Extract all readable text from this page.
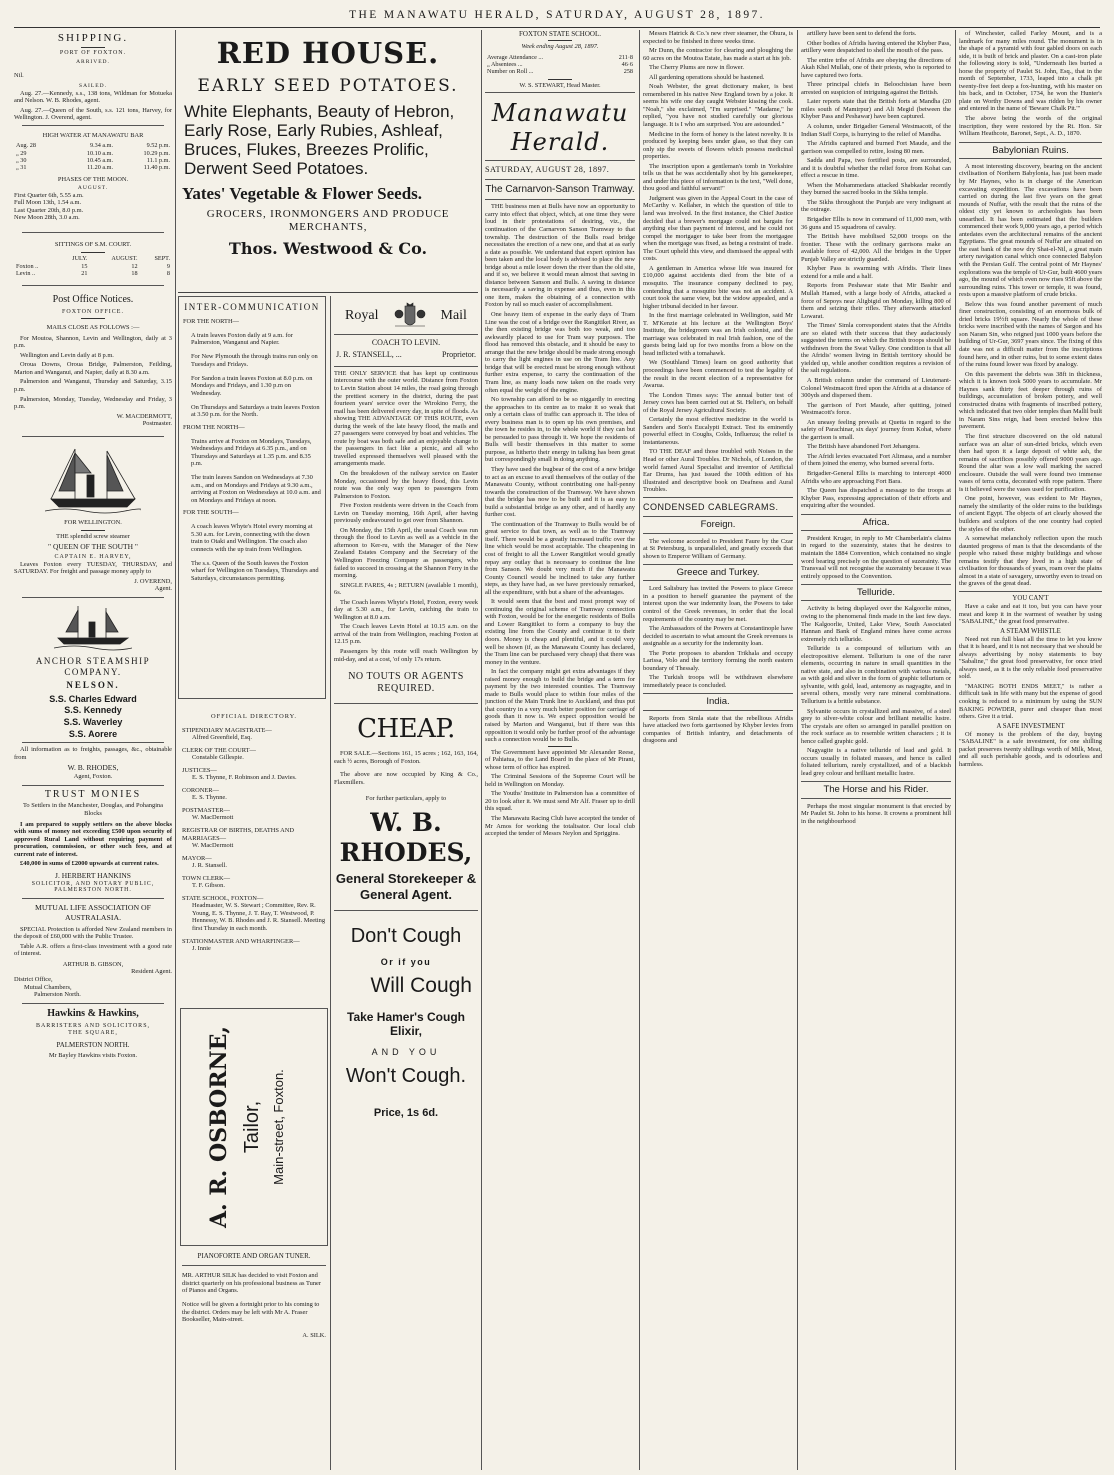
THE MANAWATU HERALD, SATURDAY, AUGUST 28, 1897.
SHIPPING.
PORT OF FOXTON.
ARRIVED.
Nil.
SAILED.

Aug. 27.—Kennedy, s.s., 138 tons, Wildman for Motueka and Nelson. W. B. Rhodes, agent.

Aug. 27.—Queen of the South, s.s. 121 tons, Harvey, for Wellington. J. Overend, agent.

HIGH WATER AT MANAWATU BAR
Aug. 28	9.34 a.m.	9.52 p.m.
„ 29	10.10 a.m.	10.29 p.m.
„ 30	10.45 a.m.	11.1 p.m.
„ 31	11.20 a.m.	11.40 p.m.
PHASES OF THE MOON.
AUGUST.
First Quarter 6th, 5.55 a.m.
Full Moon 13th, 1.54 a.m.
Last Quarter 20th, 8.0 p.m.
New Moon 28th, 3.0 a.m.
SITTINGS OF S.M. COURT.
	JULY.	AUGUST.	SEPT.
Foxton ..	15	12	9
Levin ..	21	18	8
Post Office Notices.
FOXTON OFFICE.
MAILS CLOSE AS FOLLOWS :—

For Moutoa, Shannon, Levin and Wellington, daily at 3 p.m.

Wellington and Levin daily at 8 p.m.

Oroua Downs, Oroua Bridge, Palmerston, Feilding, Marton and Wanganui, and Napier, daily at 8.30 a.m.

Palmerston and Wanganui, Thursday and Saturday, 3.15 p.m.

Palmerston, Monday, Tuesday, Wednesday and Friday, 3 p.m.

W. MACDERMOTT,
Postmaster.
FOR WELLINGTON.
THE splendid screw steamer
" QUEEN OF THE SOUTH "
CAPTAIN E. HARVEY,

Leaves Foxton every TUESDAY, THURSDAY, and SATURDAY. For freight and passage money apply to

J. OVEREND,
Agent.
ANCHOR STEAMSHIP COMPANY.
NELSON.
S.S. Charles Edward
S.S. Kennedy
S.S. Waverley
S.S. Aorere

All information as to freights, passages, &c., obtainable from

W. B. RHODES,
Agent, Foxton.
TRUST MONIES
To Settlers in the Manchester, Douglas, and Pohangina Blocks

I am prepared to supply settlers on the above blocks with sums of money not exceeding £500 upon security of approved Rural Land without requiring payment of procuration, commission, or other such fees, and at current rate of interest.

£40,000 in sums of £2000 upwards at current rates.

J. HERBERT HANKINS
SOLICITOR, AND NOTARY PUBLIC,
PALMERSTON NORTH.
MUTUAL LIFE ASSOCIATION OF AUSTRALASIA.

SPECIAL Protection is afforded New Zealand members in the deposit of £60,000 with the Public Trustee.

Table A.R. offers a first-class investment with a good rate of interest.

ARTHUR B. GIBSON,
Resident Agent.
District Office,
Mutual Chambers,
Palmerston North.
Hawkins & Hawkins,
BARRISTERS AND SOLICITORS,
THE SQUARE,
PALMERSTON NORTH.
Mr Bayley Hawkins visits Foxton.
RED HOUSE.
EARLY SEED POTATOES.
White Elephants, Beauty of Hebron, Early Rose, Early Rubies, Ashleaf, Bruces, Flukes, Breezes Prolific, Derwent Seed Potatoes.
Yates' Vegetable & Flower Seeds.
GROCERS, IRONMONGERS AND PRODUCE MERCHANTS,
Thos. Westwood & Co.
INTER-COMMUNICATION
FOR THE NORTH—

A train leaves Foxton daily at 9 a.m. for Palmerston, Wanganui and Napier.

For New Plymouth the through trains run only on Tuesdays and Fridays.

For Sandon a train leaves Foxton at 8.0 p.m. on Mondays and Fridays, and 1.30 p.m on Wednesday.

On Thursdays and Saturdays a train leaves Foxton at 3.50 p.m. for the North.

FROM THE NORTH—

Trains arrive at Foxton on Mondays, Tuesdays, Wednesdays and Fridays at 6.35 p.m., and on Thursdays and Saturdays at 1.35 p.m. and 8.35 p.m.

The train leaves Sandon on Wednesdays at 7.30 a.m., and on Mondays and Fridays at 9.30 a.m., arriving at Foxton on Wednesdays at 10.0 a.m. and on Mondays and Fridays at noon.

FOR THE SOUTH—

A coach leaves Whyte's Hotel every morning at 5.30 a.m. for Levin, connecting with the down train to Otaki and Wellington. The coach also connects with the up train from Wellington.

The s.s. Queen of the South leaves the Foxton wharf for Wellington on Tuesdays, Thursdays and Saturdays, circumstances permitting.

OFFICIAL DIRECTORY.
STIPENDIARY MAGISTRATE—
Alfred Greenfield, Esq.
CLERK OF THE COURT—
Constable Gillespie.
JUSTICES—
E. S. Thynne, F. Robinson and J. Davies.
CORONER—
E. S. Thynne.
POSTMASTER—
W. MacDermott
REGISTRAR OF BIRTHS, DEATHS AND MARRIAGES—
W. MacDermott
MAYOR—
J. R. Stansell.
TOWN CLERK—
T. F. Gibson.
STATE SCHOOL, FOXTON—
Headmaster, W. S. Stewart ; Committee, Rev. R. Young, E. S. Thynne, J. T. Ray, T. Westwood, P. Hennessy, W. B. Rhodes and J. R. Stansell. Meeting first Thursday in each month.
STATIONMASTER AND WHARFINGER—
J. Innie
A. R. OSBORNE, Tailor, Main-street, Foxton.
PIANOFORTE AND ORGAN TUNER.

MR. ARTHUR SILK has decided to visit Foxton and district quarterly on his professional business as Tuner of Pianos and Organs.

Notice will be given a fortnight prior to his coming to the district. Orders may be left with Mr A. Fraser Bookseller, Main-street.

A. SILK.
Royal	Mail
COACH TO LEVIN.
J. R. STANSELL, ...	Proprietor.

THE ONLY SERVICE that has kept up continuous intercourse with the outer world. Distance from Foxton to Levin Station about 14 miles, the road going through the prettiest scenery in the district, during the past fourteen years' service over the Wirokino Ferry, the mail has been delivered every day, in spite of floods. As showing THE ADVANTAGE OF THIS ROUTE, even during the week of the late heavy flood, the mails and 27 passengers were conveyed by boat and vehicles. The route by boat was both safe and an enjoyable change to the passengers in fact like a picnic, and all who travelled expressed themselves well pleased with the arrangements made.

On the breakdown of the railway service on Easter Monday, occasioned by the heavy flood, this Levin route was the only way open to passengers from Palmerston to Foxton.

Five Foxton residents were driven in the Coach from Levin on Tuesday morning, 16th April, after having previously endeavoured to get over from Shannon.

On Monday, the 15th April, the usual Coach was run through the flood to Levin as well as a vehicle in the afternoon to Ker-ru, with the Manager of the New Zealand Estates Company and the Secretary of the Wellington Freezing Company as passengers, who failed to succeed in crossing at the Shannon Ferry in the morning.

SINGLE FARES, 4s ; RETURN (available 1 month), 6s.

The Coach leaves Whyte's Hotel, Foxton, every week day at 5.30 a.m., for Levin, catching the train to Wellington at 8.0 a.m.

The Coach leaves Levin Hotel at 10.15 a.m. on the arrival of the train from Wellington, reaching Foxton at 12.15 p.m.

Passengers by this route will reach Wellington by mid-day, and at a cost, 'of only 17s return.

NO TOUTS OR AGENTS REQUIRED.
CHEAP.

FOR SALE.—Sections 161, 15 acres ; 162, 163, 164, each ½ acres, Borough of Foxton.

The above are now occupied by King & Co., Flaxmillers.

For further particulars, apply to
W. B. RHODES,
General Storekeeper & General Agent.
Don't Cough
Or if you
Will Cough
Take Hamer's Cough Elixir,
AND YOU
Won't Cough.
Price, 1s 6d.
FOXTON STATE SCHOOL.
Week ending August 28, 1897.
Average Attendance ...	211·8
„ Absentees ...	46·6
Number on Roll ...	258
W. S. STEWART, Head Master.
Manawatu Herald.
SATURDAY, AUGUST 28, 1897.
The Carnarvon-Sanson Tramway.

THE business men at Bulls have now an opportunity to carry into effect that object, which, at one time they were loud in their protestations of desiring, viz., the continuation of the Carnarvon Sanson Tramway to that township. The destruction of the Bulls road bridge necessitates the erection of a new one, and that at as early a date as possible. We understand that expert opinion has been taken and the local body is advised to place the new bridge about a mile lower down the river than the old site, and if so, we believe it would mean almost that saving in distance between Sanson and Bulls. A saving in distance is necessarily a saving in expense and thus, even in this one item, makes the obtaining of a connection with Foxton by rail so much easier of accomplishment.

One heavy item of expense in the early days of Tram Line was the cost of a bridge over the Rangitikei River, as the then existing bridge was both too weak, and too awkwardly placed to use for Tram way purposes. The flood has removed this obstacle, and it should be easy to arrange that the new bridge should be made strong enough to carry the light engines in use on the Tram line. Any bridge that will be erected must be strong enough without further extra expense, to carry the continuation of the Tram line, as many loads now taken on the roads very often equal the weight of the engine.

No township can afford to be so niggardly in erecting the approaches to its centre as to make it so weak that only a certain class of traffic can approach it. The idea of every business man is to open up his own premises, and the town he resides in, to the whole world if they can but be persuaded to pass through it. We hope the residents of Bulls will bestir themselves in this matter to some purpose, as hitherto their energy in talking has been great but correspondingly small in doing anything.

They have used the bugbear of the cost of a new bridge to act as an excuse to avail themselves of the outlay of the Manawatu County, without contributing one half-penny towards the construction of the Tramway. We have shown that the bridge has now to be built and it is as easy to build a substantial bridge as any other, and of hardly any further cost.

The continuation of the Tramway to Bulls would be of great service to that town, as well as to the Tramway itself. There would be a greatly increased traffic over the line which would be most acceptable. The cheapening in cost of freight to all the Lower Rangitikei would greatly repay any outlay that is necessary to continue the line from Sanson. We doubt very much if the Manawatu County Council would be inclined to take any further steps, as they have had, as we have previously remarked, all the expenditure, with but a share of the advantages.

It would seem that the best and most prompt way of continuing the original scheme of Tramway connection with Foxton, would be for the energetic residents of Bulls and Lower Rangitikei to form a company to buy the existing line from the County and continue it to their doors. Money is cheap and plentiful, and it could very well be shown (if, as the Manawatu County has declared, the Tram line can be purchased very cheap) that there was money in the venture.

In fact the company might get extra advantages if they raised money enough to build the bridge and a term for payment by the two interested counties. The Tramway made to Bulls would place to within four miles of the junction of the Main Trunk line to Auckland, and thus put that country in a very much better position for carriage of goods than it now is. We expect opposition would be raised by Marton and Wanganui, but if there was this opposition it would only be further proof of the advantage such a connection would be to Bulls.

The Government have appointed Mr Alexander Reese, of Pahiatua, to the Land Board in the place of Mr Pirani, whose term of office has expired.

The Criminal Sessions of the Supreme Court will be held in Wellington on Monday.

The Youths' Institute in Palmerston has a committee of 20 to look after it. We must send Mr Alf. Fraser up to drill this squad.

The Manawatu Racing Club have accepted the tender of Mr Amos for working the totalisator. Our local club accepted the tender of Messrs Neylon and Spriggins.

Messrs Hatrick & Co.'s new river steamer, the Ohura, is expected to be finished in three weeks time.

Mr Dunn, the contractor for clearing and ploughing the 60 acres on the Moutoa Estate, has made a start at his job.

The Cherry Plums are now in flower.

All gardening operations should be hastened.

Noah Webster, the great dictionary maker, is best remembered in his native New England town by a joke. It seems his wife one day caught Webster kissing the cook. "Noah," she exclaimed, "I'm surprised." "Madame," he replied, "you have not studied carefully our glorious language. It is I who am surprised. You are astounded."

Medicine in the form of honey is the latest novelty. It is produced by keeping bees under glass, so that they can only sip the sweets of flowers which possess medicinal properties.

The inscription upon a gentleman's tomb in Yorkshire tells us that he was accidentally shot by his gamekeeper, and under this piece of information is the text, "Well done, thou good and faithful servant!"

Judgment was given in the Appeal Court in the case of McCarthy v. Kellaher, in which the question of title to land was involved. In the first instance, the Chief Justice decided that a brewer's mortgage could not bargain for anything else than payment of interest, and he could not compel the mortgager to take beer from the mortgagee when the mortgage was fixed, as being a restraint of trade. The Court upheld this view, and dismissed the appeal with costs.

A gentleman in America whose life was insured for £10,000 against accidents died from the bite of a mosquito. The insurance company declined to pay, contending that a mosquito bite was not an accident. A court took the same view, but the widow appealed, and a higher tribunal decided in her favour.

In the first marriage celebrated in Wellington, said Mr T. M'Kenzie at his lecture at the Wellington Boys' Institute, the bridegroom was an Irish colonist, and the marriage was celebrated in real Irish fashion, one of the guests being laid up for two months from a blow on the head inflicted with a tomahawk.

We (Southland Times) learn on good authority that proceedings have been commenced to test the legality of the result in the recent election of a representative for Awarua.

The London Times says: The annual butter test of Jersey cows has been carried out at St. Helier's, on behalf of the Royal Jersey Agricultural Society.

Certainly the most effective medicine in the world is Sanders and Son's Eucalypti Extract. Test its eminently powerful effect in Coughs, Colds, Influenza; the relief is instantaneous.

TO THE DEAF and those troubled with Noises in the Head or other Aural Troubles. Dr Nichols, of London, the world famed Aural Specialist and inventor of Artificial Ear Drums, has just issued the 100th edition of his illustrated and descriptive book on Deafness and Aural Troubles.

CONDENSED CABLEGRAMS.
Foreign.

The welcome accorded to President Faure by the Czar at St Petersburg, is unparalleled, and greatly exceeds that shown to Emperor William of Germany.

Greece and Turkey.

Lord Salisbury has invited the Powers to place Greece in a position to herself guarantee the payment of the interest upon the war indemnity loan, the Powers to take control of the Greek revenues, in order that the local requirements of the country may be met.

The Ambassadors of the Powers at Constantinople have decided to ascertain to what amount the Greek revenues is assignable as a security for the indemnity loan.

The Porte proposes to abandon Trikhala and occupy Larissa, Volo and the territory forming the north eastern boundary of Thessaly.

The Turkish troops will be withdrawn elsewhere immediately peace is concluded.

India.

Reports from Simla state that the rebellious Afridis have attacked two forts garrisoned by Khyber levies from companies of British infantry, and detachments of dragoons and

artillery have been sent to defend the forts.

Other bodies of Afridis having entered the Khyber Pass, artillery were despatched to shell the mouth of the pass.

The entire tribe of Afridis are obeying the directions of Akah Khel Mullah, one of their priests, who is reported to have captured two forts.

Three principal chiefs in Beloochistan have been arrested on suspicion of intriguing against the British.

Later reports state that the British forts at Mandha (20 miles south of Mamirpur) and Ali Megid (between the Khyber Pass and Peshawar) have been captured.

A column, under Brigadier General Westmacott, of the Indian Staff Corps, is hurrying to the relief of Mandha.

The Afridis captured and burned Fort Maude, and the garrison was compelled to retire, losing 80 men.

Sadda and Papa, two fortified posts, are surrounded, and it is doubtful whether the relief force from Kohat can effect a rescue in time.

When the Mohammedans attacked Shabkadar recently they burned the sacred books in the Sikhs temple.

The Sikhs throughout the Punjab are very indignant at the outrage.

Brigadier Ellis is now in command of 11,000 men, with 36 guns and 15 squadrons of cavalry.

The British have mobilised 52,000 troops on the frontier. These with the ordinary garrisons make an available force of 42,000. All the bridges in the Upper Punjab Valley are strictly guarded.

Khyber Pass is swarming with Afridis. Their lines extend for a mile and a half.

Reports from Peshawar state that Mir Bashir and Mullah Hamed, with a large body of Afridis, attacked a force of Sepoys near Aligbigid on Monday, killing 800 of them and seizing their rifles. They afterwards attacked Lowarat.

The Times' Simla correspondent states that the Afridis are so elated with their success that they audaciously suggested the terms on which the British troops should be withdrawn from the Swat Valley. One condition is that all the Afridis' women living in British territory should be yielded up, while another condition requires a revision of the salt regulations.

A British column under the command of Lieutenant-Colonel Westmacott fired upon the Afridis at a distance of 300yds and dispersed them.

The garrison of Fort Maude, after quitting, joined Westmacott's force.

An uneasy feeling prevails at Quetta in regard to the safety of Parachinar, six days' journey from Kohat, where the garrison is small.

The British have abandoned Fort Jehangera.

The Afridi levies evacuated Fort Alimasa, and a number of them joined the enemy, who burned several forts.

Brigadier-General Ellis is marching to intercept 4000 Afridis who are approaching Fort Bara.

The Queen has dispatched a message to the troops at Khyber Pass, expressing appreciation of their efforts and enquiring after the wounded.

Africa.

President Kruger, in reply to Mr Chamberlain's claims in regard to the suzerainty, states that he desires to maintain the 1884 Convention, which contained no single word bearing precisely on the question of suzerainty. The Transvaal will not recognise the suzerainty because it was entirely opposed to the Convention.

Telluride.

Activity is being displayed over the Kalgoorlie mines, owing to the phenomenal finds made in the last few days. The Kalgoorlie, United, Lake View, South Associated Hannan and Bank of England mines have come across extremely rich telluride.

Telluride is a compound of tellurium with an electropositive element. Tellurium is one of the rarer elements, occurring in nature in small quantities in the native state, and also in combination with various metals, as with gold and silver in the form of graphic tellurium or sylvanite, with gold, lead, antemony as nagyagite, and in several others, mostly very rare mineral combinations. Tellurium is a brittle substance.

Sylvanite occurs in crystallized and massive, of a steel grey to silver-white colour and brilliant metallic lustre. The crystals are often so arranged in parallel position on the rock surface as to resemble written characters ; it is hence called graphic gold.

Nagyagite is a native telluride of lead and gold. It occurs usually in foliated masses, and hence is called foliated tellurium, rarely crystallized, and of a blackish lead grey colour and brilliant metallic lustre.

The Horse and his Rider.

Perhaps the most singular monument is that erected by Mr Paulet St. John to his horse. It crowns a prominent hill in the neighbourhood

of Winchester, called Farley Mount, and is a landmark for many miles round. The monument is in the shape of a pyramid with four gabled doors on each side, it is built of brick and plaster. On a cast-iron plate the following story is told, "Underneath lies buried a horse the property of Paulet St. John, Esq., that in the month of September, 1733, leaped into a chalk pit twenty-five feet deep a fox-hunting, with his master on his back, and in October, 1734, he won the Hunter's plate on Worthy Downs and was ridden by his owner and entered in the name of 'Beware Chalk Pit.'"

The above being the words of the original inscription, they were restored by the Rt. Hon. Sir William Heathcote, Baronet, Sept., A. D., 1870.

Babylonian Ruins.

A most interesting discovery, bearing on the ancient civilisation of Northern Babylonia, has just been made by Mr Haynes, who is in charge of the American excavating expedition. The excavations have been carried on during the last five years on the great mounds of Nuffar, with the result that the ruins of the oldest city yet known to archeologists has been unearthed. It has been estimated that the builders commenced their work 9,000 years ago, a period which antedates even the architectural remains of the ancient Egyptians. The great mounds of Nuffar are situated on the east bank of the now dry Shat-el-Nil, a great main artery navigation canal which once connected Babylon with the Persian Gulf. The central point of Mr Haynes' explorations was the temple of Ur-Gur, built 4600 years ago, the mound of which even now rises 95ft above the surrounding ruins. This tower or temple, it was found, rests upon a massive platform of crude bricks.

Below this was found another pavement of much finer construction, consisting of an enormous bulk of dried bricks 19½ft square. Nearly the whole of these bricks were inscribed with the names of Sargon and his son Naram Sin, who reigned just 1000 years before the building of Ur-Gur, 3697 years since. The fixing of this date was not a difficult matter from the inscriptions found here, and in other ruins, but to some extent dates of the ruins found lower was fixed by analogy.

On this pavement the debris was 38ft in thickness, which it is known took 5000 years to accumulate. Mr Haynes sank thirty feet deeper through ruins of buildings, accumulation of broken pottery, and well constructed drains with fragments of inscribed pottery, which indicated that two older temples than Mallil built in Naram Sins reign, had been erected below this pavement.

The first structure discovered on the old natural surface was an altar of sun-dried bricks, which even then had upon it a large deposit of white ash, the remains of sacrifices possibly offered 9000 years ago. Round the altar was a low wall marking the sacred enclosure. Outside the wall were found two immense vases of terra cotta, decorated with rope pattern. There is it believed were the vases used for purification.

One point, however, was evident to Mr Haynes, namely the similarity of the older ruins to the buildings of ancient Egypt. The objects of art clearly showed the builders and sculptors of the one country had copied the styles of the other.

A somewhat melancholy reflection upon the much daunted progress of man is that the descendants of the people who raised these mighty buildings and whose remains testify that they lived in a high state of civilisation for thousands of years, roam over the plains almost in a state of savagery, unworthy even to tread on the graves of the great dead.

YOU CAN'T

Have a cake and eat it too, but you can have your meat and keep it in the warmest of weather by using "SABALINE," the great food preservative.

A STEAM WHISTLE

Need not run full blast all the time to let you know that it is heard, and it is not necessary that we should be always advertising by noisy statements to buy "Sabaline," the great food preservative, for once tried always used, as it is the only reliable food preservative sold.

"MAKING BOTH ENDS MEET," is rather a difficult task in life with many but the expense of good cooking is reduced to a minimum by using the SUN BAKING POWDER, purer and cheaper than most others. Give it a trial.

A SAFE INVESTMENT

Of money is the problem of the day, buying "SABALINE" is a safe investment, for one shilling packet preserves twenty shillings worth of Milk, Meat, and all such perishable goods, and is odourless and harmless.
